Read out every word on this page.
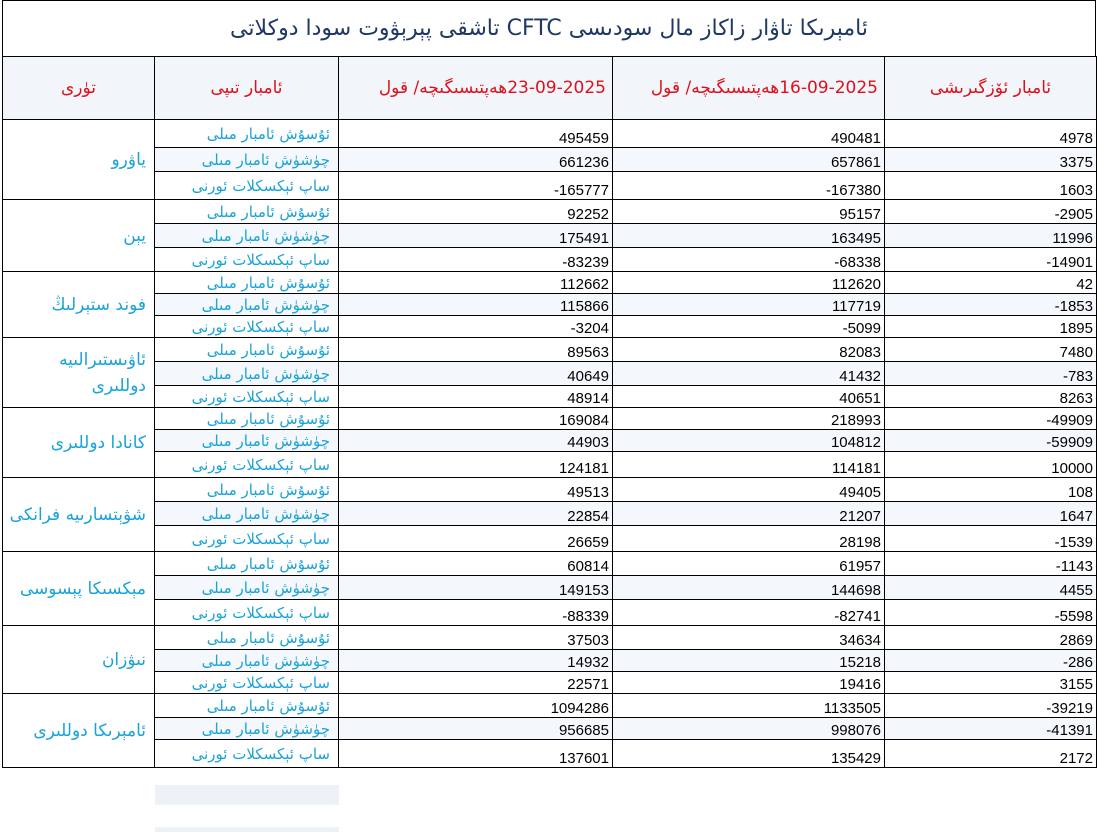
ئامېرىكا تاۋار زاكاز مال سودىسى CFTC تاشقى پېرېۋوت سودا دوكلاتى
تۈرى	ئامبار تىپى	23-09-2025ھەپتىسىگىچە/ قول	16-09-2025ھەپتىسىگىچە/ قول	ئامبار ئۆزگىرىشى
ياۋرو	ئۇسۇش ئامبار مىلى	495459	490481	4978
	چۈشۈش ئامبار مىلى	661236	657861	3375
	ساپ ئېكسكلات ئورنى	-165777	-167380	1603
يېن	ئۇسۇش ئامبار مىلى	92252	95157	-2905
	چۈشۈش ئامبار مىلى	175491	163495	11996
	ساپ ئېكسكلات ئورنى	-83239	-68338	-14901
فوند ستېرلىڭ	ئۇسۇش ئامبار مىلى	112662	112620	42
	چۈشۈش ئامبار مىلى	115866	117719	-1853
	ساپ ئېكسكلات ئورنى	-3204	-5099	1895
ئاۋىستىرالىيە دوللىرى	ئۇسۇش ئامبار مىلى	89563	82083	7480
	چۈشۈش ئامبار مىلى	40649	41432	-783
	ساپ ئېكسكلات ئورنى	48914	40651	8263
كانادا دوللىرى	ئۇسۇش ئامبار مىلى	169084	218993	-49909
	چۈشۈش ئامبار مىلى	44903	104812	-59909
	ساپ ئېكسكلات ئورنى	124181	114181	10000
شۋېتسارىيە فرانكى	ئۇسۇش ئامبار مىلى	49513	49405	108
	چۈشۈش ئامبار مىلى	22854	21207	1647
	ساپ ئېكسكلات ئورنى	26659	28198	-1539
مېكسىكا پېسوسى	ئۇسۇش ئامبار مىلى	60814	61957	-1143
	چۈشۈش ئامبار مىلى	149153	144698	4455
	ساپ ئېكسكلات ئورنى	-88339	-82741	-5598
نىۋزان	ئۇسۇش ئامبار مىلى	37503	34634	2869
	چۈشۈش ئامبار مىلى	14932	15218	-286
	ساپ ئېكسكلات ئورنى	22571	19416	3155
ئامېرىكا دوللىرى	ئۇسۇش ئامبار مىلى	1094286	1133505	-39219
	چۈشۈش ئامبار مىلى	956685	998076	-41391
	ساپ ئېكسكلات ئورنى	137601	135429	2172
